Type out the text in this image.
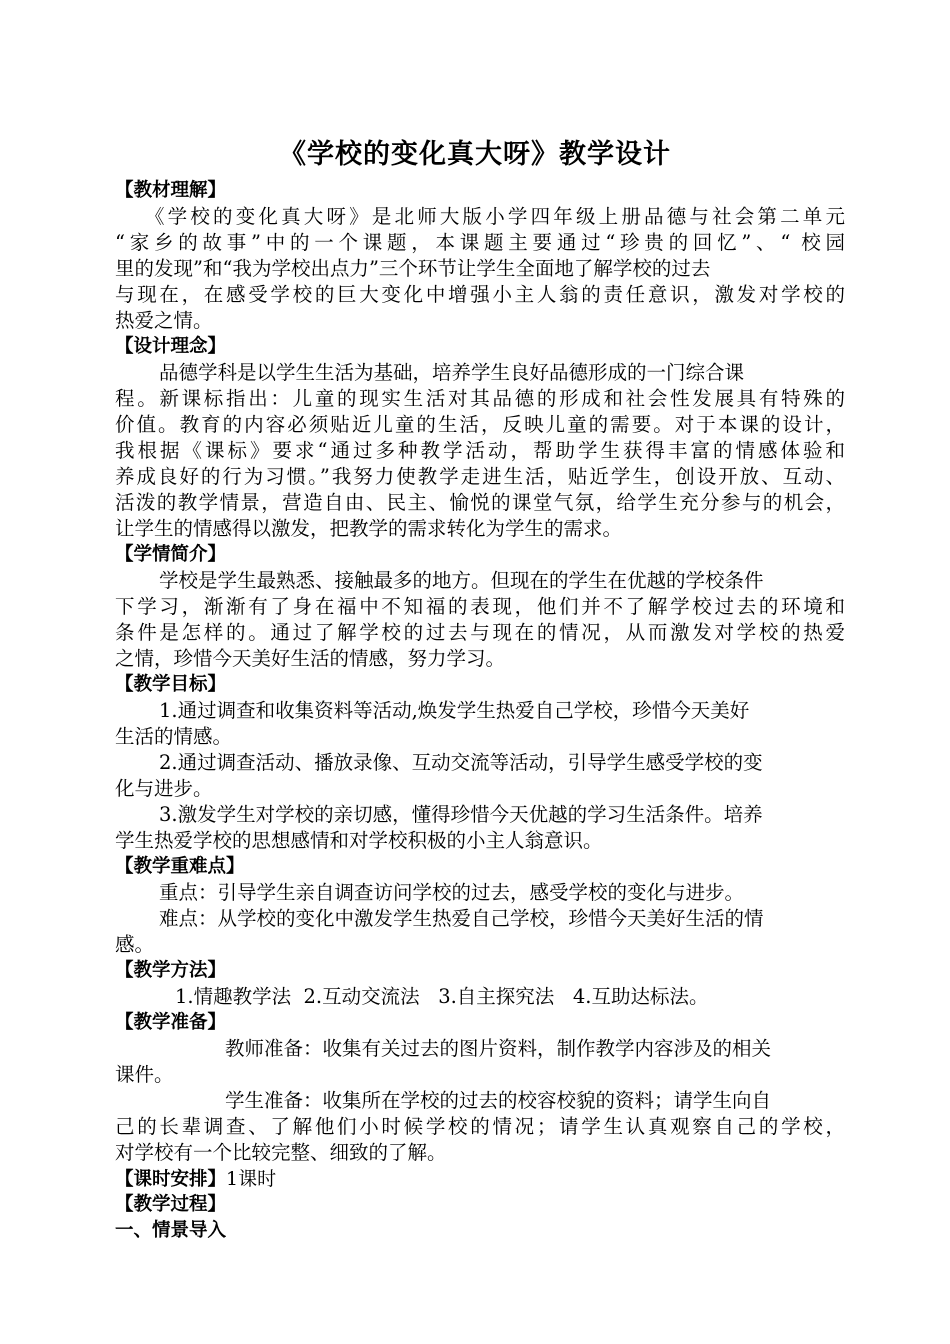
《学校的变化真大呀》教学设计
【教材理解】
《学校的变化真大呀》是北师大版小学四年级上册品德与社会第二单元
“家乡的故事”中的一个课题，本课题主要通过“珍贵的回忆”、“ 校园
里的发现”和“我为学校出点力”三个环节让学生全面地了解学校的过去
与现在，在感受学校的巨大变化中增强小主人翁的责任意识，激发对学校的
热爱之情。
【设计理念】
品德学科是以学生生活为基础，培养学生良好品德形成的一门综合课
程。新课标指出：儿童的现实生活对其品德的形成和社会性发展具有特殊的
价值。教育的内容必须贴近儿童的生活，反映儿童的需要。对于本课的设计，
我根据《课标》要求“通过多种教学活动，帮助学生获得丰富的情感体验和
养成良好的行为习惯。”我努力使教学走进生活，贴近学生，创设开放、互动、
活泼的教学情景，营造自由、民主、愉悦的课堂气氛，给学生充分参与的机会，
让学生的情感得以激发，把教学的需求转化为学生的需求。
【学情简介】
学校是学生最熟悉、接触最多的地方。但现在的学生在优越的学校条件
下学习，渐渐有了身在福中不知福的表现，他们并不了解学校过去的环境和
条件是怎样的。通过了解学校的过去与现在的情况，从而激发对学校的热爱
之情，珍惜今天美好生活的情感，努力学习。
【教学目标】
1.通过调查和收集资料等活动,焕发学生热爱自己学校，珍惜今天美好
生活的情感。
2.通过调查活动、播放录像、互动交流等活动，引导学生感受学校的变
化与进步。
3.激发学生对学校的亲切感，懂得珍惜今天优越的学习生活条件。培养
学生热爱学校的思想感情和对学校积极的小主人翁意识。
【教学重难点】
重点：引导学生亲自调查访问学校的过去，感受学校的变化与进步。
难点：从学校的变化中激发学生热爱自己学校，珍惜今天美好生活的情
感。
【教学方法】
1.情趣教学法  2.互动交流法   3.自主探究法   4.互助达标法。
【教学准备】
教师准备：收集有关过去的图片资料，制作教学内容涉及的相关
课件。
学生准备：收集所在学校的过去的校容校貌的资料；请学生向自
己的长辈调查、了解他们小时候学校的情况；请学生认真观察自己的学校，
对学校有一个比较完整、细致的了解。
【课时安排】1课时
【教学过程】
一、情景导入
